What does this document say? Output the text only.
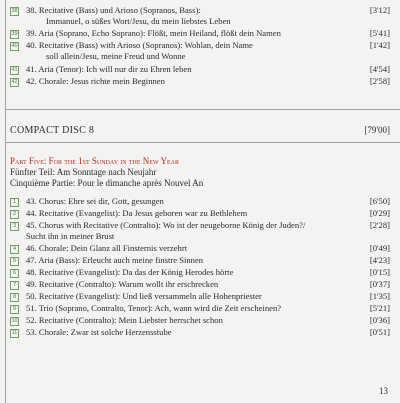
38 38. Recitative (Bass) und Arioso (Sopranos, Bass):
Immanuel, o süßes Wort/Jesu, du mein liebstes Leben
[3'12]
39 39. Aria (Soprano, Echo Soprano): Flößt, mein Heiland, flößt dein Namen	[5'41]
40 40. Recitative (Bass) with Arioso (Sopranos): Wohlan, dein Name
soll allein/Jesu, meine Freud und Wonne
[1'42]
41 41. Aria (Tenor): Ich will nur dir zu Ehren leben	[4'54]
42 42. Chorale: Jesus richte mein Beginnen	[2'58]
COMPACT DISC 8	[79'00]
Part Five: For the 1st Sunday in the New Year
Fünfter Teil: Am Sonntage nach Neujahr
Cinquième Partie: Pour le dimanche après Nouvel An
1	43. Chorus: Ehre sei dir, Gott, gesungen	[6'50]
2	44. Recitative (Evangelist): Da Jesus geboren war zu Bethlehem	[0'29]
3	45. Chorus with Recitative (Contralto): Wo ist der neugeborne König der Juden?/
Sucht ihn in meiner Brust
[2'28]
4	46. Chorale: Dein Glanz all Finsternis verzehrt	[0'49]
5	47. Aria (Bass): Erleucht auch meine finstre Sinnen	[4'23]
6	48. Recitative (Evangelist): Da das der König Herodes hörte	[0'15]
7	49. Recitative (Contralto): Warum wollt ihr erschrecken	[0'37]
8	50. Recitative (Evangelist): Und ließ versammeln alle Hohenpriester	[1'35]
9	51. Trio (Soprano, Contralto, Tenor): Ach, wann wird die Zeit erscheinen?	[5'21]
10 52. Recitative (Contralto): Mein Liebster herrschet schon	[0'36]
11 53. Chorale: Zwar ist solche Herzensstube	[0'51]
13
